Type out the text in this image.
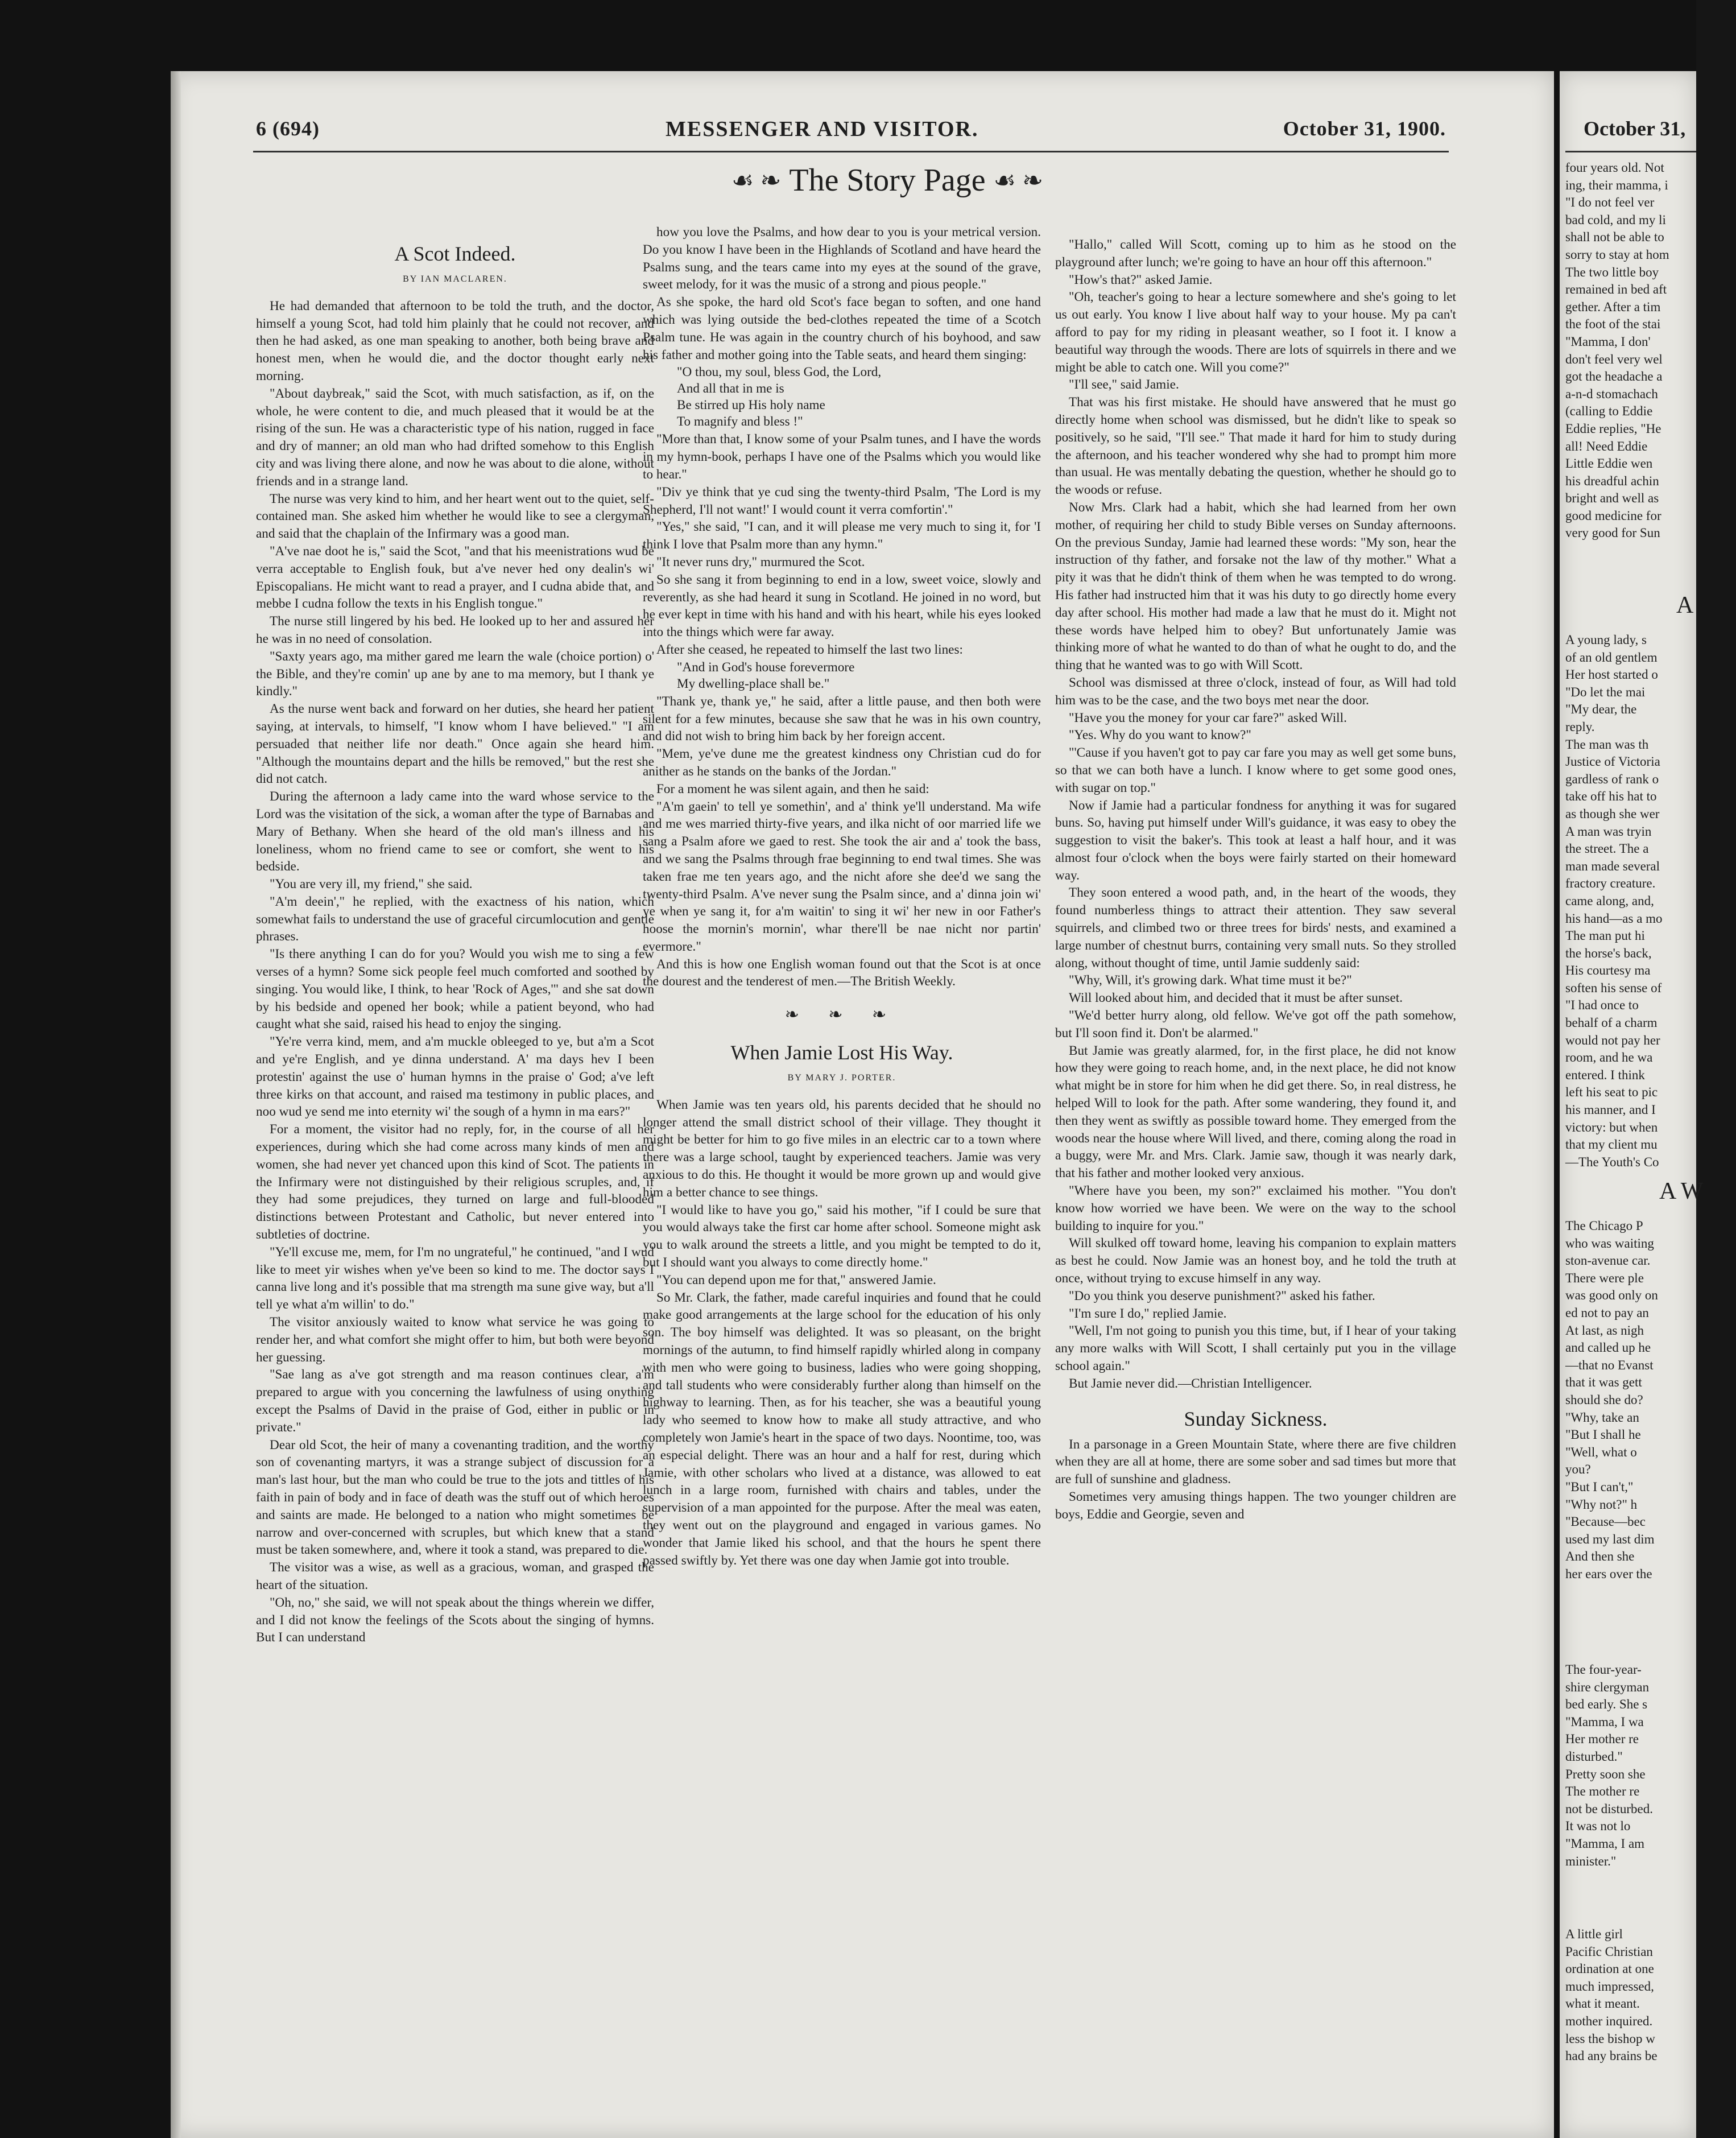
6 (694)	MESSENGER AND VISITOR.	October 31, 1900.
☙ ❧ The Story Page ☙ ❧

A Scot Indeed.

BY IAN MACLAREN.

He had demanded that afternoon to be told the truth, and the doctor, himself a young Scot, had told him plainly that he could not recover, and then he had asked, as one man speaking to another, both being brave and honest men, when he would die, and the doctor thought early next morning.

"About daybreak," said the Scot, with much satisfaction, as if, on the whole, he were content to die, and much pleased that it would be at the rising of the sun. He was a characteristic type of his nation, rugged in face and dry of manner; an old man who had drifted somehow to this English city and was living there alone, and now he was about to die alone, without friends and in a strange land.

The nurse was very kind to him, and her heart went out to the quiet, self-contained man. She asked him whether he would like to see a clergyman, and said that the chaplain of the Infirmary was a good man.

"A've nae doot he is," said the Scot, "and that his meenistrations wud be verra acceptable to English fouk, but a've never hed ony dealin's wi' Episcopalians. He micht want to read a prayer, and I cudna abide that, and mebbe I cudna follow the texts in his English tongue."

The nurse still lingered by his bed. He looked up to her and assured her he was in no need of consolation.

"Saxty years ago, ma mither gared me learn the wale (choice portion) o' the Bible, and they're comin' up ane by ane to ma memory, but I thank ye kindly."

As the nurse went back and forward on her duties, she heard her patient saying, at intervals, to himself, "I know whom I have believed." "I am persuaded that neither life nor death." Once again she heard him. "Although the mountains depart and the hills be removed," but the rest she did not catch.

During the afternoon a lady came into the ward whose service to the Lord was the visitation of the sick, a woman after the type of Barnabas and Mary of Bethany. When she heard of the old man's illness and his loneliness, whom no friend came to see or comfort, she went to his bedside.

"You are very ill, my friend," she said.

"A'm deein'," he replied, with the exactness of his nation, which somewhat fails to understand the use of graceful circumlocution and gentle phrases.

"Is there anything I can do for you? Would you wish me to sing a few verses of a hymn? Some sick people feel much comforted and soothed by singing. You would like, I think, to hear 'Rock of Ages,'" and she sat down by his bedside and opened her book; while a patient beyond, who had caught what she said, raised his head to enjoy the singing.

"Ye're verra kind, mem, and a'm muckle obleeged to ye, but a'm a Scot and ye're English, and ye dinna understand. A' ma days hev I been protestin' against the use o' human hymns in the praise o' God; a've left three kirks on that account, and raised ma testimony in public places, and noo wud ye send me into eternity wi' the sough of a hymn in ma ears?"

For a moment, the visitor had no reply, for, in the course of all her experiences, during which she had come across many kinds of men and women, she had never yet chanced upon this kind of Scot. The patients in the Infirmary were not distinguished by their religious scruples, and, if they had some prejudices, they turned on large and full-blooded distinctions between Protestant and Catholic, but never entered into subtleties of doctrine.

"Ye'll excuse me, mem, for I'm no ungrateful," he continued, "and I wud like to meet yir wishes when ye've been so kind to me. The doctor says I canna live long and it's possible that ma strength ma sune give way, but a'll tell ye what a'm willin' to do."

The visitor anxiously waited to know what service he was going to render her, and what comfort she might offer to him, but both were beyond her guessing.

"Sae lang as a've got strength and ma reason continues clear, a'm prepared to argue with you concerning the lawfulness of using onything except the Psalms of David in the praise of God, either in public or in private."

Dear old Scot, the heir of many a covenanting tradition, and the worthy son of covenanting martyrs, it was a strange subject of discussion for a man's last hour, but the man who could be true to the jots and tittles of his faith in pain of body and in face of death was the stuff out of which heroes and saints are made. He belonged to a nation who might sometimes be narrow and over-concerned with scruples, but which knew that a stand must be taken somewhere, and, where it took a stand, was prepared to die.

The visitor was a wise, as well as a gracious, woman, and grasped the heart of the situation.

"Oh, no," she said, we will not speak about the things wherein we differ, and I did not know the feelings of the Scots about the singing of hymns. But I can understand

how you love the Psalms, and how dear to you is your metrical version. Do you know I have been in the Highlands of Scotland and have heard the Psalms sung, and the tears came into my eyes at the sound of the grave, sweet melody, for it was the music of a strong and pious people."

As she spoke, the hard old Scot's face began to soften, and one hand which was lying outside the bed-clothes repeated the time of a Scotch Psalm tune. He was again in the country church of his boyhood, and saw his father and mother going into the Table seats, and heard them singing:

"O thou, my soul, bless God, the Lord,

And all that in me is

Be stirred up His holy name

To magnify and bless !"

"More than that, I know some of your Psalm tunes, and I have the words in my hymn-book, perhaps I have one of the Psalms which you would like to hear."

"Div ye think that ye cud sing the twenty-third Psalm, 'The Lord is my Shepherd, I'll not want!' I would count it verra comfortin'."

"Yes," she said, "I can, and it will please me very much to sing it, for 'I think I love that Psalm more than any hymn."

"It never runs dry," murmured the Scot.

So she sang it from beginning to end in a low, sweet voice, slowly and reverently, as she had heard it sung in Scotland. He joined in no word, but he ever kept in time with his hand and with his heart, while his eyes looked into the things which were far away.

After she ceased, he repeated to himself the last two lines:

"And in God's house forevermore

My dwelling-place shall be."

"Thank ye, thank ye," he said, after a little pause, and then both were silent for a few minutes, because she saw that he was in his own country, and did not wish to bring him back by her foreign accent.

"Mem, ye've dune me the greatest kindness ony Christian cud do for anither as he stands on the banks of the Jordan."

For a moment he was silent again, and then he said:

"A'm gaein' to tell ye somethin', and a' think ye'll understand. Ma wife and me wes married thirty-five years, and ilka nicht of oor married life we sang a Psalm afore we gaed to rest. She took the air and a' took the bass, and we sang the Psalms through frae beginning to end twal times. She was taken frae me ten years ago, and the nicht afore she dee'd we sang the twenty-third Psalm. A've never sung the Psalm since, and a' dinna join wi' ye when ye sang it, for a'm waitin' to sing it wi' her new in oor Father's hoose the mornin's mornin', whar there'll be nae nicht nor partin' evermore."

And this is how one English woman found out that the Scot is at once the dourest and the tenderest of men.—The British Weekly.

❧ ❧ ❧

When Jamie Lost His Way.

BY MARY J. PORTER.

When Jamie was ten years old, his parents decided that he should no longer attend the small district school of their village. They thought it might be better for him to go five miles in an electric car to a town where there was a large school, taught by experienced teachers. Jamie was very anxious to do this. He thought it would be more grown up and would give him a better chance to see things.

"I would like to have you go," said his mother, "if I could be sure that you would always take the first car home after school. Someone might ask you to walk around the streets a little, and you might be tempted to do it, but I should want you always to come directly home."

"You can depend upon me for that," answered Jamie.

So Mr. Clark, the father, made careful inquiries and found that he could make good arrangements at the large school for the education of his only son. The boy himself was delighted. It was so pleasant, on the bright mornings of the autumn, to find himself rapidly whirled along in company with men who were going to business, ladies who were going shopping, and tall students who were considerably further along than himself on the highway to learning. Then, as for his teacher, she was a beautiful young lady who seemed to know how to make all study attractive, and who completely won Jamie's heart in the space of two days. Noontime, too, was an especial delight. There was an hour and a half for rest, during which Jamie, with other scholars who lived at a distance, was allowed to eat lunch in a large room, furnished with chairs and tables, under the supervision of a man appointed for the purpose. After the meal was eaten, they went out on the playground and engaged in various games. No wonder that Jamie liked his school, and that the hours he spent there passed swiftly by. Yet there was one day when Jamie got into trouble.

"Hallo," called Will Scott, coming up to him as he stood on the playground after lunch; we're going to have an hour off this afternoon."

"How's that?" asked Jamie.

"Oh, teacher's going to hear a lecture somewhere and she's going to let us out early. You know I live about half way to your house. My pa can't afford to pay for my riding in pleasant weather, so I foot it. I know a beautiful way through the woods. There are lots of squirrels in there and we might be able to catch one. Will you come?"

"I'll see," said Jamie.

That was his first mistake. He should have answered that he must go directly home when school was dismissed, but he didn't like to speak so positively, so he said, "I'll see." That made it hard for him to study during the afternoon, and his teacher wondered why she had to prompt him more than usual. He was mentally debating the question, whether he should go to the woods or refuse.

Now Mrs. Clark had a habit, which she had learned from her own mother, of requiring her child to study Bible verses on Sunday afternoons. On the previous Sunday, Jamie had learned these words: "My son, hear the instruction of thy father, and forsake not the law of thy mother." What a pity it was that he didn't think of them when he was tempted to do wrong. His father had instructed him that it was his duty to go directly home every day after school. His mother had made a law that he must do it. Might not these words have helped him to obey? But unfortunately Jamie was thinking more of what he wanted to do than of what he ought to do, and the thing that he wanted was to go with Will Scott.

School was dismissed at three o'clock, instead of four, as Will had told him was to be the case, and the two boys met near the door.

"Have you the money for your car fare?" asked Will.

"Yes. Why do you want to know?"

"'Cause if you haven't got to pay car fare you may as well get some buns, so that we can both have a lunch. I know where to get some good ones, with sugar on top."

Now if Jamie had a particular fondness for anything it was for sugared buns. So, having put himself under Will's guidance, it was easy to obey the suggestion to visit the baker's. This took at least a half hour, and it was almost four o'clock when the boys were fairly started on their homeward way.

They soon entered a wood path, and, in the heart of the woods, they found numberless things to attract their attention. They saw several squirrels, and climbed two or three trees for birds' nests, and examined a large number of chestnut burrs, containing very small nuts. So they strolled along, without thought of time, until Jamie suddenly said:

"Why, Will, it's growing dark. What time must it be?"

Will looked about him, and decided that it must be after sunset.

"We'd better hurry along, old fellow. We've got off the path somehow, but I'll soon find it. Don't be alarmed."

But Jamie was greatly alarmed, for, in the first place, he did not know how they were going to reach home, and, in the next place, he did not know what might be in store for him when he did get there. So, in real distress, he helped Will to look for the path. After some wandering, they found it, and then they went as swiftly as possible toward home. They emerged from the woods near the house where Will lived, and there, coming along the road in a buggy, were Mr. and Mrs. Clark. Jamie saw, though it was nearly dark, that his father and mother looked very anxious.

"Where have you been, my son?" exclaimed his mother. "You don't know how worried we have been. We were on the way to the school building to inquire for you."

Will skulked off toward home, leaving his companion to explain matters as best he could. Now Jamie was an honest boy, and he told the truth at once, without trying to excuse himself in any way.

"Do you think you deserve punishment?" asked his father.

"I'm sure I do," replied Jamie.

"Well, I'm not going to punish you this time, but, if I hear of your taking any more walks with Will Scott, I shall certainly put you in the village school again."

But Jamie never did.—Christian Intelligencer.

Sunday Sickness.

In a parsonage in a Green Mountain State, where there are five children when they are all at home, there are some sober and sad times but more that are full of sunshine and gladness.

Sometimes very amusing things happen. The two younger children are boys, Eddie and Georgie, seven and

October 31,

four years old. Not

ing, their mamma, i

"I do not feel ver

bad cold, and my li

shall not be able to

sorry to stay at hom

The two little boy

remained in bed aft

gether. After a tim

the foot of the stai

"Mamma, I don'

don't feel very wel

got the headache a

a-n-d stomachach

(calling to Eddie

Eddie replies, "He

all! Need Eddie

Little Eddie wen

his dreadful achin

bright and well as

good medicine for

very good for Sun

A

A young lady, s

of an old gentlem

Her host started o

"Do let the mai

"My dear, the

reply.

The man was th

Justice of Victoria

gardless of rank o

take off his hat to

as though she wer

A man was tryin

the street. The a

man made several

fractory creature.

came along, and,

his hand—as a mo

The man put hi

the horse's back,

His courtesy ma

soften his sense of

"I had once to

behalf of a charm

would not pay her

room, and he wa

entered. I think

left his seat to pic

his manner, and I

victory: but when

that my client mu

—The Youth's Co

A W

The Chicago P

who was waiting

ston-avenue car.

There were ple

was good only on

ed not to pay an

At last, as nigh

and called up he

—that no Evanst

that it was gett

should she do?

"Why, take an

"But I shall he

"Well, what o

you?

"But I can't,"

"Why not?" h

"Because—bec

used my last dim

And then she

her ears over the

The four-year-

shire clergyman

bed early. She s

"Mamma, I wa

Her mother re

disturbed."

Pretty soon she

The mother re

not be disturbed.

It was not lo

"Mamma, I am

minister."

A little girl

Pacific Christian

ordination at one

much impressed,

what it meant.

mother inquired.

less the bishop w

had any brains be
